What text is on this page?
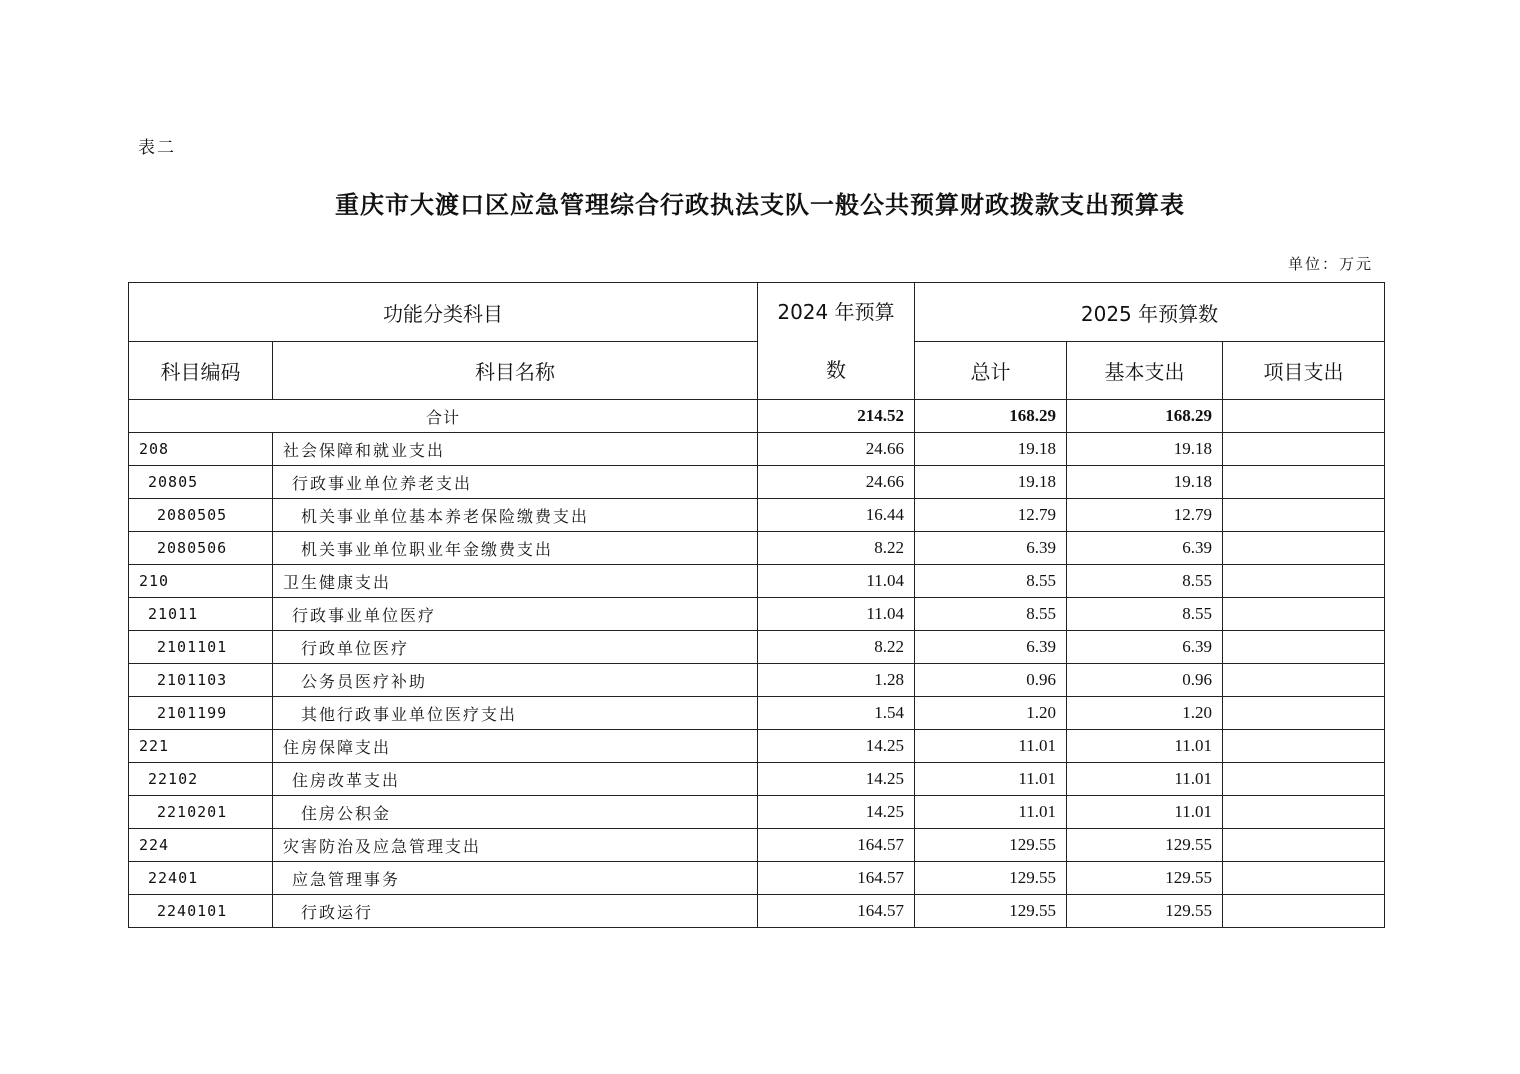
表二
重庆市大渡口区应急管理综合行政执法支队一般公共预算财政拨款支出预算表
单位：万元
功能分类科目		2024 年预算
数	2025 年预算数		
科目编码	科目名称		总计	基本支出	项目支出
合计		214.52	168.29	168.29	
208	社会保障和就业支出	24.66	19.18	19.18	
20805	行政事业单位养老支出	24.66	19.18	19.18	
2080505	机关事业单位基本养老保险缴费支出	16.44	12.79	12.79	
2080506	机关事业单位职业年金缴费支出	8.22	6.39	6.39	
210	卫生健康支出	11.04	8.55	8.55	
21011	行政事业单位医疗	11.04	8.55	8.55	
2101101	行政单位医疗	8.22	6.39	6.39	
2101103	公务员医疗补助	1.28	0.96	0.96	
2101199	其他行政事业单位医疗支出	1.54	1.20	1.20	
221	住房保障支出	14.25	11.01	11.01	
22102	住房改革支出	14.25	11.01	11.01	
2210201	住房公积金	14.25	11.01	11.01	
224	灾害防治及应急管理支出	164.57	129.55	129.55	
22401	应急管理事务	164.57	129.55	129.55	
2240101	行政运行	164.57	129.55	129.55	
